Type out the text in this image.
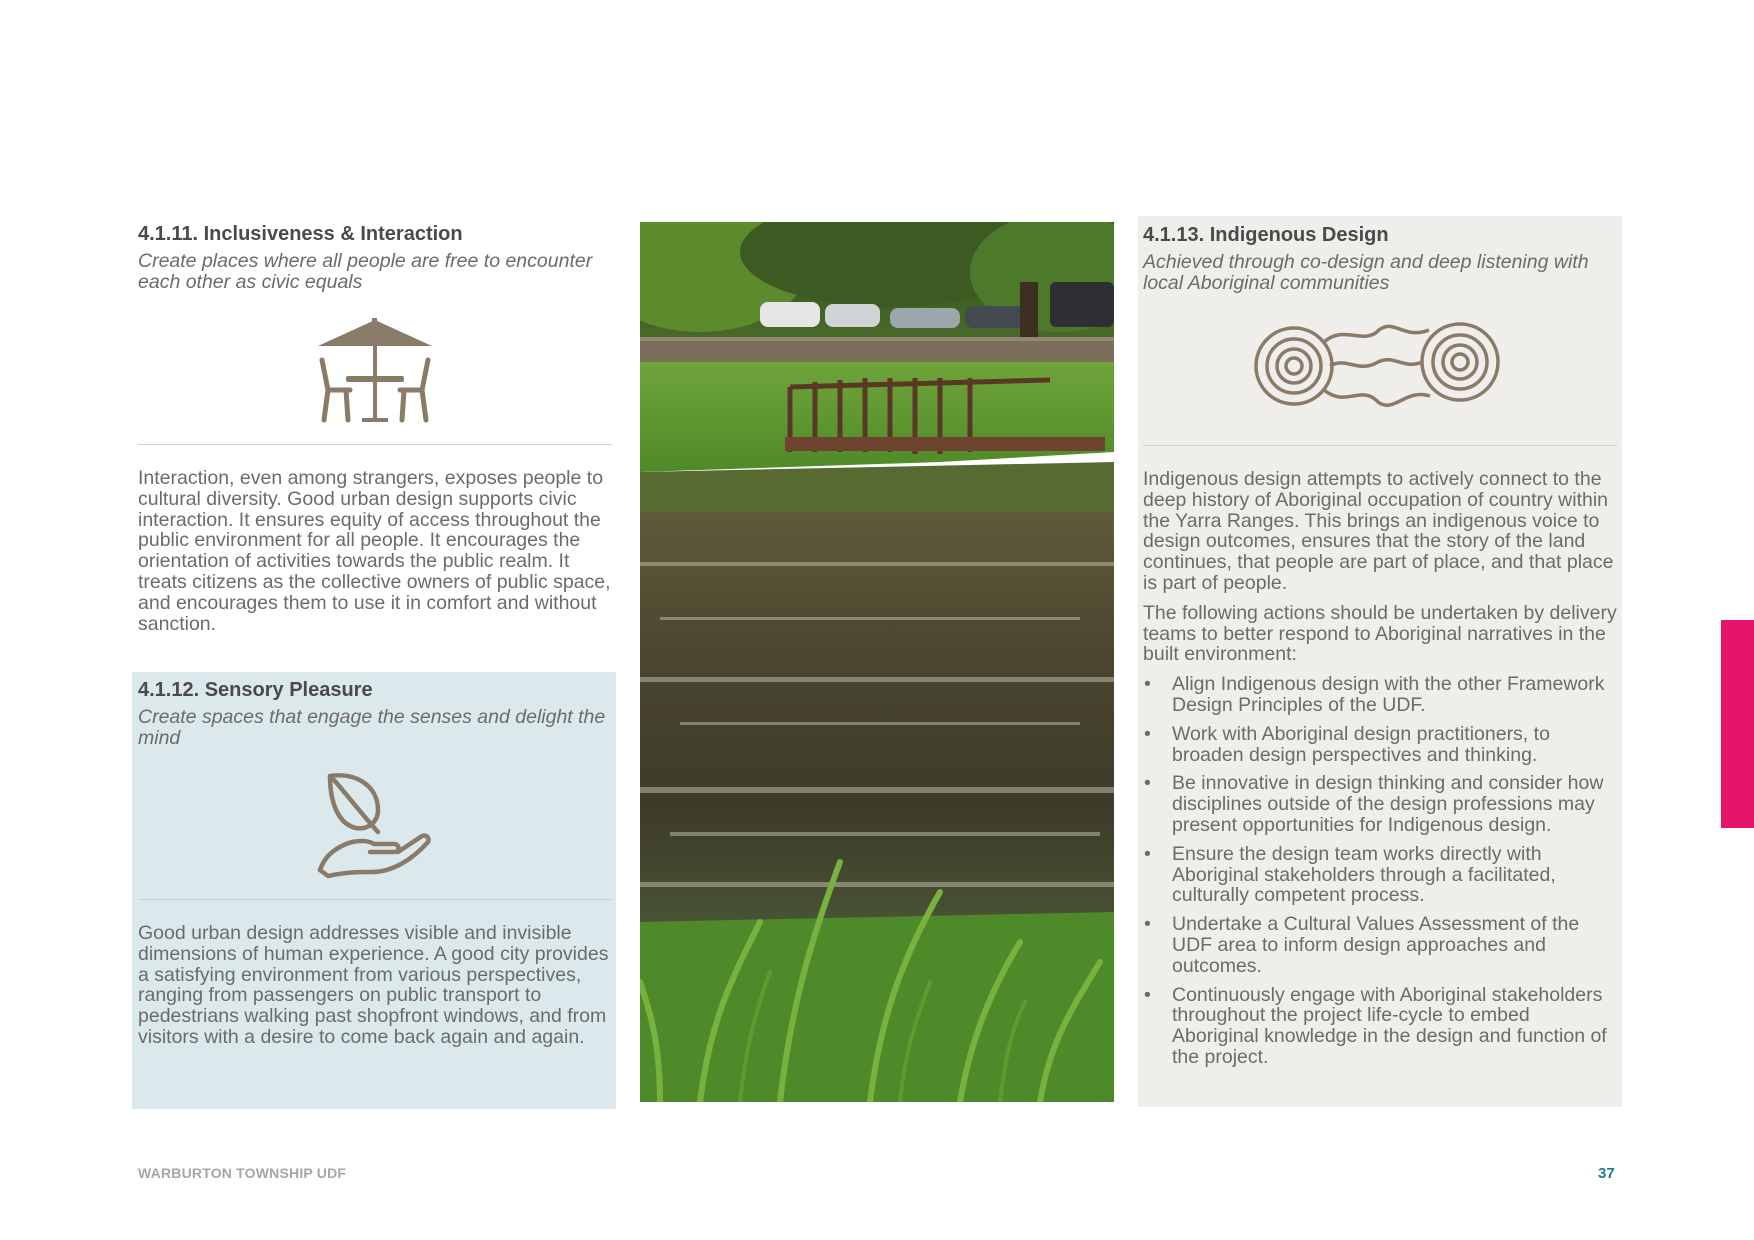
4.1.11. Inclusiveness & Interaction

Create places where all people are free to encounter each other as civic equals

Interaction, even among strangers, exposes people to cultural diversity. Good urban design supports civic interaction. It ensures equity of access throughout the public environment for all people. It encourages the orientation of activities towards the public realm. It treats citizens as the collective owners of public space, and encourages them to use it in comfort and without sanction.

4.1.12. Sensory Pleasure

Create spaces that engage the senses and delight the mind

Good urban design addresses visible and invisible dimensions of human experience. A good city provides a satisfying environment from various perspectives, ranging from passengers on public transport to pedestrians walking past shopfront windows, and from visitors with a desire to come back again and again.

4.1.13. Indigenous Design

Achieved through co-design and deep listening with local Aboriginal communities

Indigenous design attempts to actively connect to the deep history of Aboriginal occupation of country within the Yarra Ranges. This brings an indigenous voice to design outcomes, ensures that the story of the land continues, that people are part of place, and that place is part of people.

The following actions should be undertaken by delivery teams to better respond to Aboriginal narratives in the built environment:

• Align Indigenous design with the other Framework Design Principles of the UDF.
• Work with Aboriginal design practitioners, to broaden design perspectives and thinking.
• Be innovative in design thinking and consider how disciplines outside of the design professions may present opportunities for Indigenous design.
• Ensure the design team works directly with Aboriginal stakeholders through a facilitated, culturally competent process.
• Undertake a Cultural Values Assessment of the UDF area to inform design approaches and outcomes.
• Continuously engage with Aboriginal stakeholders throughout the project life-cycle to embed Aboriginal knowledge in the design and function of the project.
WARBURTON TOWNSHIP UDF	37
